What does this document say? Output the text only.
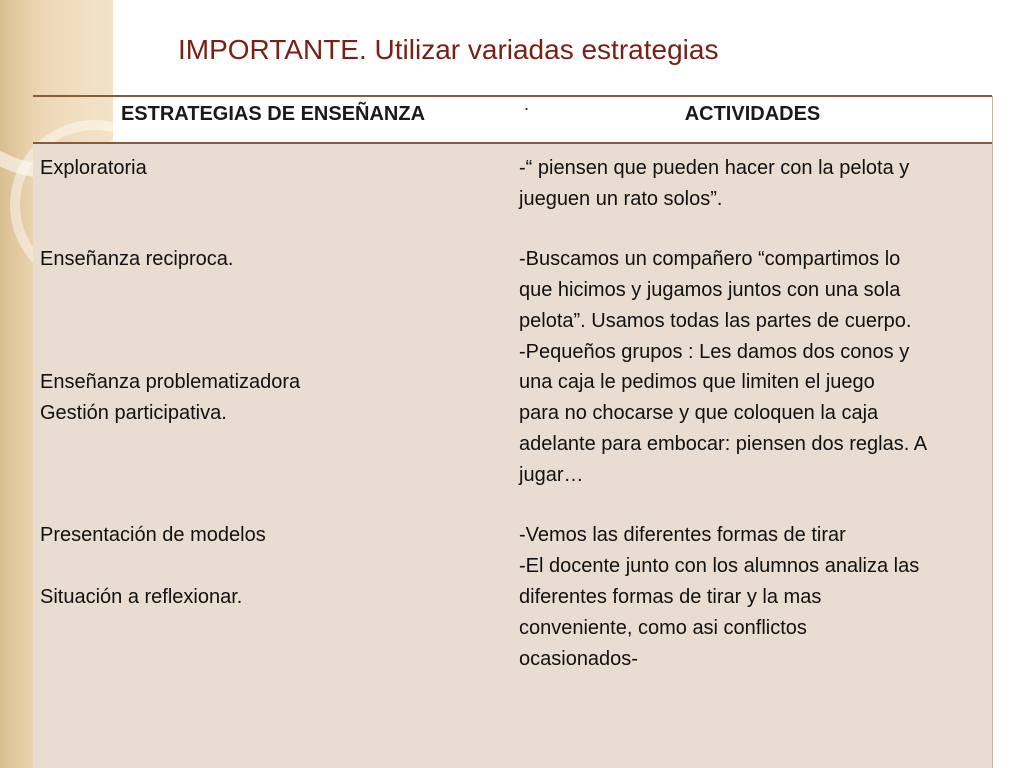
IMPORTANTE. Utilizar variadas estrategias
ESTRATEGIAS DE ENSEÑANZA	.	ACTIVIDADES
Exploratoria
Enseñanza reciproca.
Enseñanza problematizadora
Gestión participativa.
Presentación de modelos
Situación a reflexionar.
-“ piensen que pueden hacer con la pelota y
jueguen un rato solos”.
-Buscamos un compañero “compartimos lo
que hicimos y jugamos juntos con una sola
pelota”. Usamos todas las partes de cuerpo.
-Pequeños grupos : Les damos dos conos y
una caja le pedimos que limiten el juego
para no chocarse y que coloquen la caja
adelante para embocar: piensen dos reglas. A
jugar…
-Vemos las diferentes formas de tirar
-El docente junto con los alumnos analiza las
diferentes formas de tirar y la mas
conveniente, como asi conflictos
ocasionados-
